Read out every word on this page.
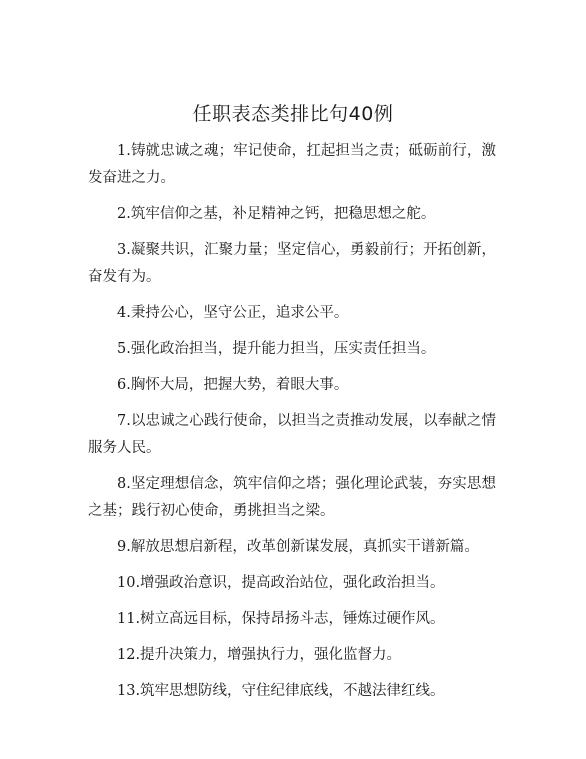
任职表态类排比句40例

1.铸就忠诚之魂；牢记使命，扛起担当之责；砥砺前行，激发奋进之力。

2.筑牢信仰之基，补足精神之钙，把稳思想之舵。

3.凝聚共识，汇聚力量；坚定信心，勇毅前行；开拓创新，奋发有为。

4.秉持公心，坚守公正，追求公平。

5.强化政治担当，提升能力担当，压实责任担当。

6.胸怀大局，把握大势，着眼大事。

7.以忠诚之心践行使命，以担当之责推动发展，以奉献之情服务人民。

8.坚定理想信念，筑牢信仰之塔；强化理论武装，夯实思想之基；践行初心使命，勇挑担当之梁。

9.解放思想启新程，改革创新谋发展，真抓实干谱新篇。

10.增强政治意识，提高政治站位，强化政治担当。

11.树立高远目标，保持昂扬斗志，锤炼过硬作风。

12.提升决策力，增强执行力，强化监督力。

13.筑牢思想防线，守住纪律底线，不越法律红线。
